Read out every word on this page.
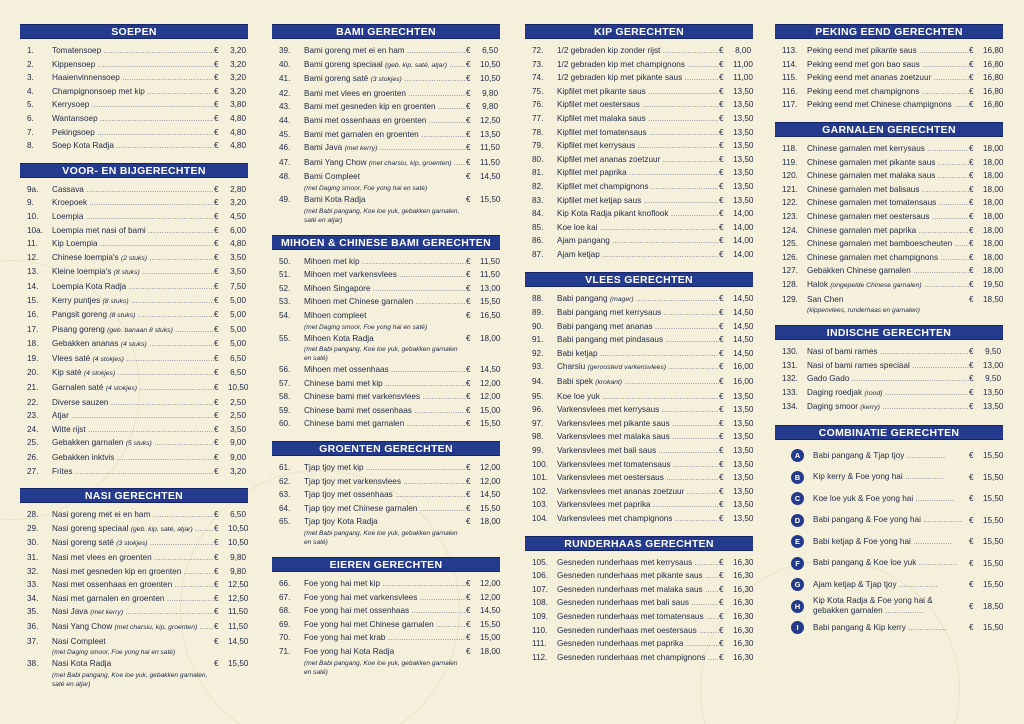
SOEPEN
1.	Tomatensoep .....	€	3,20
2.	Kippensoep .....	€	3,20
3.	Haaienvinnensoep .....	€	3,20
4.	Champignonsoep met kip .....	€	3,20
5.	Kerrysoep .....	€	3,80
6.	Wantansoep .....	€	4,80
7.	Pekingsoep .....	€	4,80
8.	Soep Kota Radja .....	€	4,80
VOOR- EN BIJGERECHTEN
9a.	Cassava .....	€	2,80
9.	Kroepoek .....	€	3,20
10.	Loempia .....	€	4,50
10a.	Loempia met nasi of bami .....	€	6,00
11.	Kip Loempia .....	€	4,80
12.	Chinese loempia's (2 stuks) .....	€	3,50
13.	Kleine loempia's (8 stuks) .....	€	3,50
14.	Loempia Kota Radja .....	€	7,50
15.	Kerry puntjes (8 stuks) .....	€	5,00
16.	Pangsit goreng (8 stuks) .....	€	5,00
17.	Pisang goreng (geb. banaan 8 stuks) .....	€	5,00
18.	Gebakken ananas (4 stuks) .....	€	5,00
19.	Vlees saté (4 stokjes) .....	€	6,50
20.	Kip saté (4 stokjes) .....	€	6,50
21.	Garnalen saté (4 stokjes) .....	€	10,50
22.	Diverse sauzen .....	€	2,50
23.	Atjar .....	€	2,50
24.	Witte rijst .....	€	3,50
25.	Gebakken garnalen (5 stuks) .....	€	9,00
26.	Gebakken inktvis .....	€	9,00
27.	Frites .....	€	3,20
NASI GERECHTEN
28.	Nasi goreng met ei en ham .....	€	6,50
29.	Nasi goreng speciaal (geb. kip, saté, atjar) .....	€	10,50
30.	Nasi goreng saté (3 stokjes) .....	€	10,50
31.	Nasi met vlees en groenten .....	€	9,80
32.	Nasi met gesneden kip en groenten .....	€	9,80
33.	Nasi met ossenhaas en groenten .....	€	12,50
34.	Nasi met garnalen en groenten .....	€	12,50
35.	Nasi Java (met kerry) .....	€	11,50
36.	Nasi Yang Chow (met charsiu, kip, groenten) .....	€	11,50
37.	Nasi Compleet
(met Daging smoor, Foe yong hai en saté)
€	14,50
38.	Nasi Kota Radja
(met Babi pangang, Koe loe yuk, gebakken garnalen, saté en atjar)
€	15,50
BAMI GERECHTEN
39.	Bami goreng met ei en ham .....	€	6,50
40.	Bami goreng speciaal (geb. kip, saté, atjar) .....	€	10,50
41.	Bami goreng saté (3 stokjes) .....	€	10,50
42.	Bami met vlees en groenten .....	€	9,80
43.	Bami met gesneden kip en groenten .....	€	9,80
44.	Bami met ossenhaas en groenten .....	€	12,50
45.	Bami met garnalen en groenten .....	€	13,50
46.	Bami Java (met kerry) .....	€	11,50
47.	Bami Yang Chow (met charsiu, kip, groenten) .....	€	11,50
48.	Bami Compleet
(met Daging smoor, Foe yong hai en saté)
€	14,50
49.	Bami Kota Radja
(met Babi pangang, Koe loe yuk, gebakken garnalen, saté en atjar)
€	15,50
MIHOEN & CHINESE BAMI GERECHTEN
50.	Mihoen met kip .....	€	11,50
51.	Mihoen met varkensvlees .....	€	11,50
52.	Mihoen Singapore .....	€	13,00
53.	Mihoen met Chinese garnalen .....	€	15,50
54.	Mihoen compleet
(met Daging smoor, Foe yong hai en saté)
€	16,50
55.	Mihoen Kota Radja
(met Babi pangang, Koe loe yuk, gebakken garnalen en saté)
€	18,00
56.	Mihoen met ossenhaas .....	€	14,50
57.	Chinese bami met kip .....	€	12,00
58.	Chinese bami met varkensvlees .....	€	12,00
59.	Chinese bami met ossenhaas .....	€	15,00
60.	Chinese bami met garnalen .....	€	15,50
GROENTEN GERECHTEN
61.	Tjap tjoy met kip .....	€	12,00
62.	Tjap tjoy met varkensvlees .....	€	12,00
63.	Tjap tjoy met ossenhaas .....	€	14,50
64.	Tjap tjoy met Chinese garnalen .....	€	15,50
65.	Tjap tjoy Kota Radja
(met Babi pangang, Koe loe yuk, gebakken garnalen en saté)
€	18,00
EIEREN GERECHTEN
66.	Foe yong hai met kip .....	€	12,00
67.	Foe yong hai met varkensvlees .....	€	12,00
68.	Foe yong hai met ossenhaas .....	€	14,50
69.	Foe yong hai met Chinese garnalen .....	€	15,50
70.	Foe yong hai met krab .....	€	15,00
71.	Foe yong hai Kota Radja
(met Babi pangang, Koe loe yuk, gebakken garnalen en saté)
€	18,00
KIP GERECHTEN
72.	1/2 gebraden kip zonder rijst .....	€	8,00
73.	1/2 gebraden kip met champignons .....	€	11,00
74.	1/2 gebraden kip met pikante saus .....	€	11,00
75.	Kipfilet met pikante saus .....	€	13,50
76.	Kipfilet met oestersaus .....	€	13,50
77.	Kipfilet met malaka saus .....	€	13,50
78.	Kipfilet met tomatensaus .....	€	13,50
79.	Kipfilet met kerrysaus .....	€	13,50
80.	Kipfilet met ananas zoetzuur .....	€	13,50
81.	Kipfilet met paprika .....	€	13,50
82.	Kipfilet met champignons .....	€	13,50
83.	Kipfilet met ketjap saus .....	€	13,50
84.	Kip Kota Radja pikant knoflook .....	€	14,00
85.	Koe loe kai .....	€	14,00
86.	Ajam pangang .....	€	14,00
87.	Ajam ketjap .....	€	14,00
VLEES GERECHTEN
88.	Babi pangang (mager) .....	€	14,50
89.	Babi pangang met kerrysaus .....	€	14,50
90.	Babi pangang met ananas .....	€	14,50
91.	Babi pangang met pindasaus .....	€	14,50
92.	Babi ketjap .....	€	14,50
93.	Charsiu (geroosterd varkensvlees) .....	€	16,00
94.	Babi spek (krokant) .....	€	16,00
95.	Koe loe yuk .....	€	13,50
96.	Varkensvlees met kerrysaus .....	€	13,50
97.	Varkensvlees met pikante saus .....	€	13,50
98.	Varkensvlees met malaka saus .....	€	13,50
99.	Varkensvlees met bali saus .....	€	13,50
100.	Varkensvlees met tomatensaus .....	€	13,50
101.	Varkensvlees met oestersaus .....	€	13,50
102.	Varkensvlees met ananas zoetzuur .....	€	13,50
103.	Varkensvlees met paprika .....	€	13,50
104.	Varkensvlees met champignons .....	€	13,50
RUNDERHAAS GERECHTEN
105.	Gesneden runderhaas met kerrysaus .....	€	16,30
106.	Gesneden runderhaas met pikante saus .....	€	16,30
107.	Gesneden runderhaas met malaka saus .....	€	16,30
108.	Gesneden runderhaas met bali saus .....	€	16,30
109.	Gesneden runderhaas met tomatensaus .....	€	16,30
110.	Gesneden runderhaas met oestersaus .....	€	16,30
111.	Gesneden runderhaas met paprika .....	€	16,30
112.	Gesneden runderhaas met champignons .....	€	16,30
PEKING EEND GERECHTEN
113.	Peking eend met pikante saus .....	€	16,80
114.	Peking eend met gon bao saus .....	€	16,80
115.	Peking eend met ananas zoetzuur .....	€	16,80
116.	Peking eend met champignons .....	€	16,80
117.	Peking eend met Chinese champignons .....	€	16,80
GARNALEN GERECHTEN
118.	Chinese garnalen met kerrysaus .....	€	18,00
119.	Chinese garnalen met pikante saus .....	€	18,00
120.	Chinese garnalen met malaka saus .....	€	18,00
121.	Chinese garnalen met balisaus .....	€	18,00
122.	Chinese garnalen met tomatensaus .....	€	18,00
123.	Chinese garnalen met oestersaus .....	€	18,00
124.	Chinese garnalen met paprika .....	€	18,00
125.	Chinese garnalen met bamboescheuten .....	€	18,00
126.	Chinese garnalen met champignons .....	€	18,00
127.	Gebakken Chinese garnalen .....	€	18,00
128.	Halok (ongepelde Chinese garnalen) .....	€	19,50
129.	San Chen
(kippenvlees, runderhaas en garnalen)
€	18,50
INDISCHE GERECHTEN
130.	Nasi of bami rames .....	€	9,50
131.	Nasi of bami rames speciaal .....	€	13,00
132.	Gado Gado .....	€	9,50
133.	Daging roedjak (rood) .....	€	13,50
134.	Daging smoor (kerry) .....	€	13,50
COMBINATIE GERECHTEN
A	Babi pangang & Tjap tjoy .................	€	15,50
B	Kip kerry & Foe yong hai .................	€	15,50
C	Koe loe yuk & Foe yong hai .................	€	15,50
D	Babi pangang & Foe yong hai ................. €	15,50
E	Babi ketjap & Foe yong hai .................	€	15,50
F	Babi pangang & Koe loe yuk .................	€	15,50
G	Ajam ketjap & Tjap tjoy .................	€	15,50
H
Kip Kota Radja & Foe yong hai & gebakken garnalen .................	€	18,50
I	Babi pangang & Kip kerry .................	€	15,50
